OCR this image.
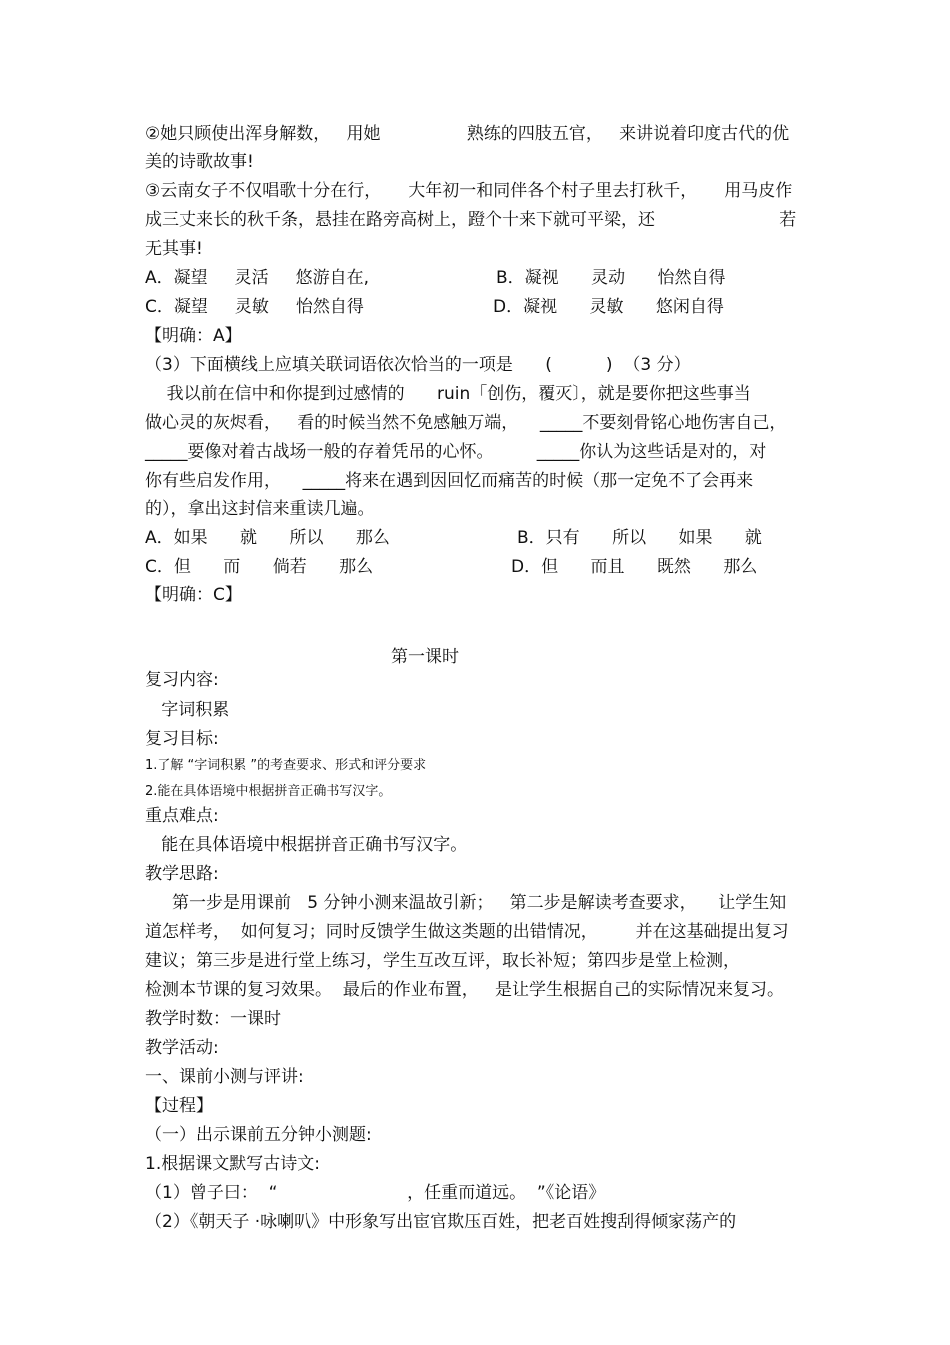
②她只顾使出浑身解数，   用她                熟练的四肢五官，   来讲说着印度古代的优
美的诗歌故事!
③云南女子不仅唱歌十分在行，     大年初一和同伴各个村子里去打秋千，     用马皮作
成三丈来长的秋千条，悬挂在路旁高树上，蹬个十来下就可平梁，还                       若
无其事!
A．凝望     灵活     悠游自在,	B．凝视      灵动      怡然自得
C．凝望     灵敏     怡然自得	D．凝视      灵敏      悠闲自得
【明确：A】
（3）下面横线上应填关联词语依次恰当的一项是      (          )  （3 分）
我以前在信中和你提到过感情的      ruin「创伤，覆灭〕，就是要你把这些事当
做心灵的灰烬看，   看的时候当然不免感触万端，    _____不要刻骨铭心地伤害自己，
_____要像对着古战场一般的存着凭吊的心怀。        _____你认为这些话是对的，对
你有些启发作用，    _____将来在遇到因回忆而痛苦的时候（那一定免不了会再来
的），拿出这封信来重读几遍。
A．如果      就      所以      那么	B．只有      所以      如果      就
C．但      而      倘若      那么	D．但      而且      既然      那么
【明确：C】
第一课时
复习内容:
字词积累
复习目标:
1.了解 “字词积累 ”的考查要求、形式和评分要求
2.能在具体语境中根据拼音正确书写汉字。
重点难点:
能在具体语境中根据拼音正确书写汉字。
教学思路:
第一步是用课前   5 分钟小测来温故引新；   第二步是解读考查要求，    让学生知
道怎样考，  如何复习；同时反馈学生做这类题的出错情况，       并在这基础提出复习
建议；第三步是进行堂上练习，学生互改互评，取长补短；第四步是堂上检测，
检测本节课的复习效果。  最后的作业布置，   是让学生根据自己的实际情况来复习。
教学时数：一课时
教学活动:
一、课前小测与评讲:
【过程】
（一）出示课前五分钟小测题:
1.根据课文默写古诗文:
（1）曾子曰：  “                        ，任重而道远。  ”《论语》
（2）《朝天子 ·咏喇叭》中形象写出宦官欺压百姓，把老百姓搜刮得倾家荡产的
